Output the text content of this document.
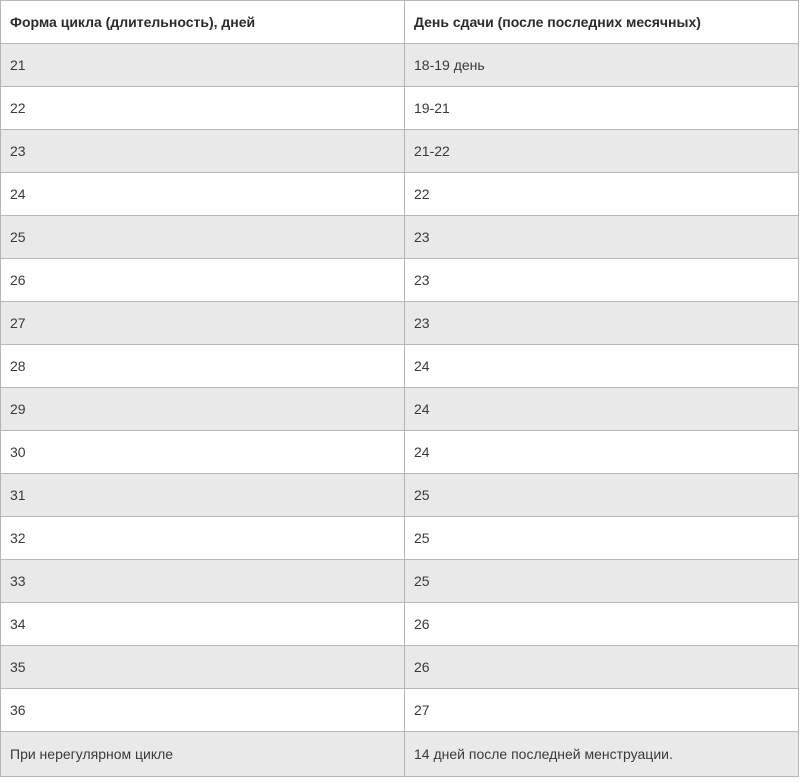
Форма цикла (длительность), дней	День сдачи (после последних месячных)
21	18-19 день
22	19-21
23	21-22
24	22
25	23
26	23
27	23
28	24
29	24
30	24
31	25
32	25
33	25
34	26
35	26
36	27
При нерегулярном цикле	14 дней после последней менструации.
